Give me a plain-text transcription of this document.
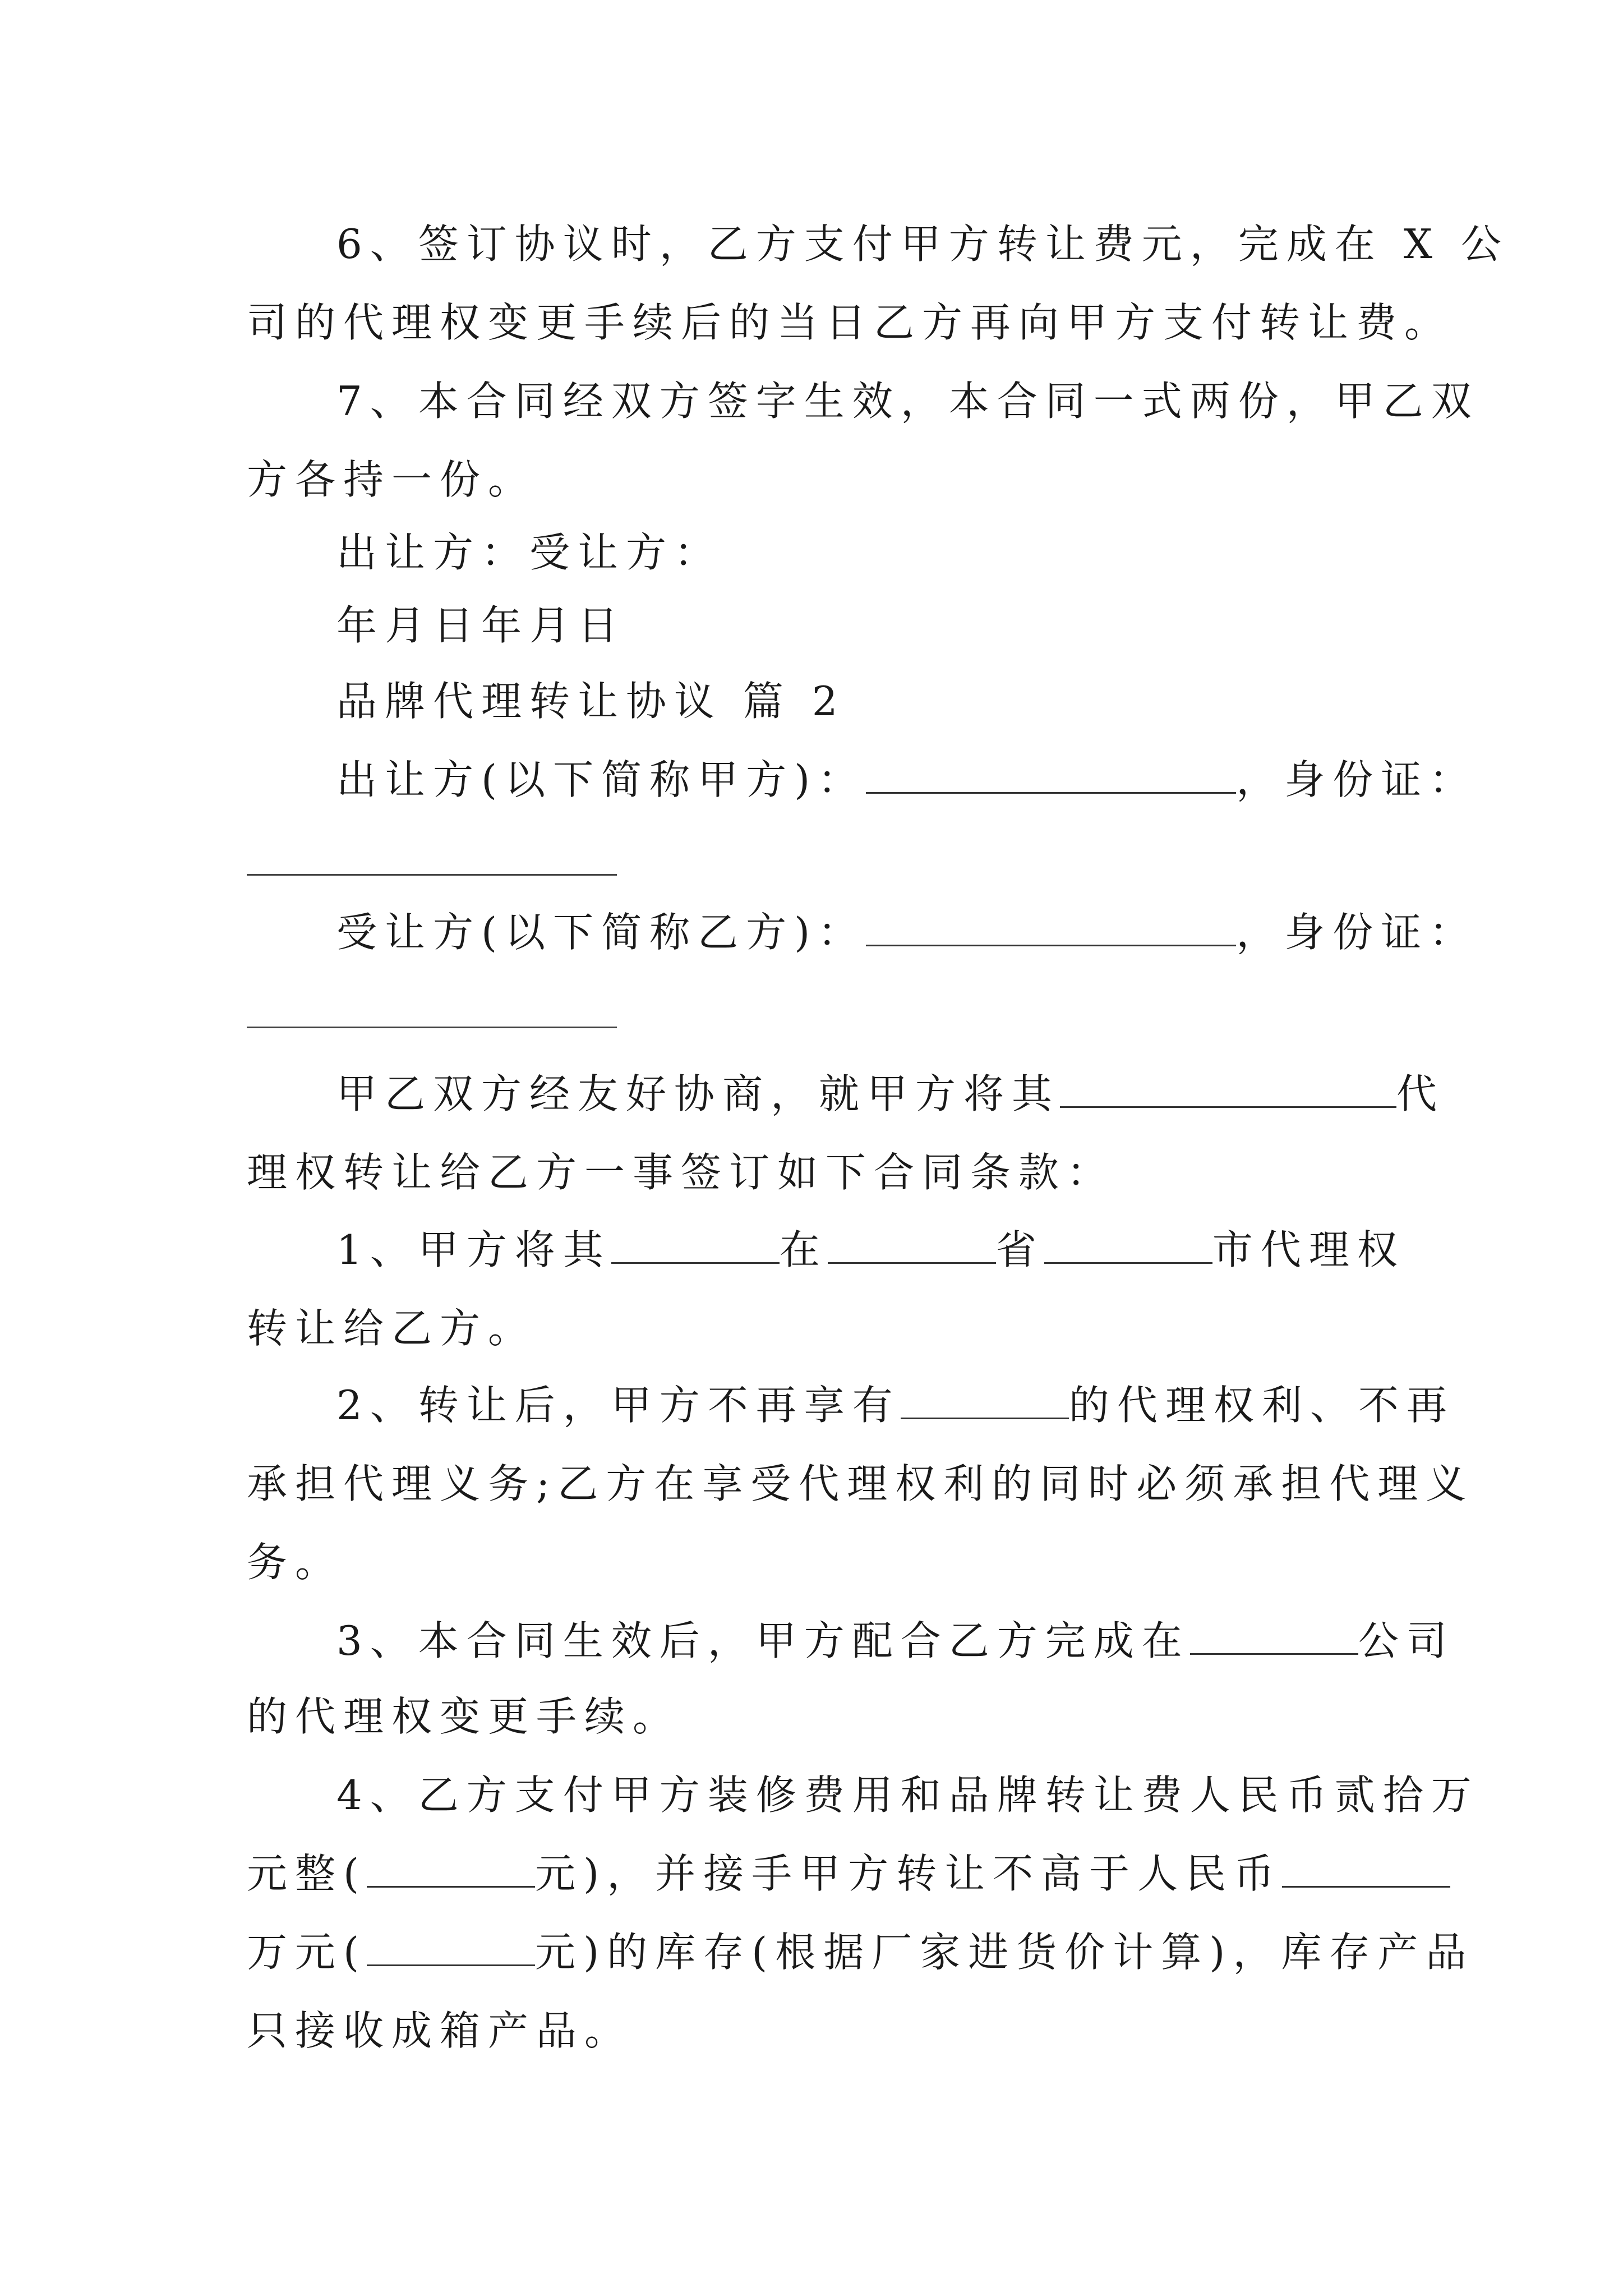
6、签订协议时，乙方支付甲方转让费元，完成在 X 公
司的代理权变更手续后的当日乙方再向甲方支付转让费。
7、本合同经双方签字生效，本合同一式两份，甲乙双
方各持一份。
出让方：受让方：
年月日年月日
品牌代理转让协议 篇 2
出让方(以下简称甲方)：	，身份证：
受让方(以下简称乙方)：	，身份证：
甲乙双方经友好协商，就甲方将其	代
理权转让给乙方一事签订如下合同条款：
1、甲方将其	在	省	市代理权
转让给乙方。
2、转让后，甲方不再享有	的代理权利、不再
承担代理义务;乙方在享受代理权利的同时必须承担代理义
务。
3、本合同生效后，甲方配合乙方完成在	公司
的代理权变更手续。
4、乙方支付甲方装修费用和品牌转让费人民币贰拾万
元整(	元)，并接手甲方转让不高于人民币
万元(	元)的库存(根据厂家进货价计算)，库存产品
只接收成箱产品。
